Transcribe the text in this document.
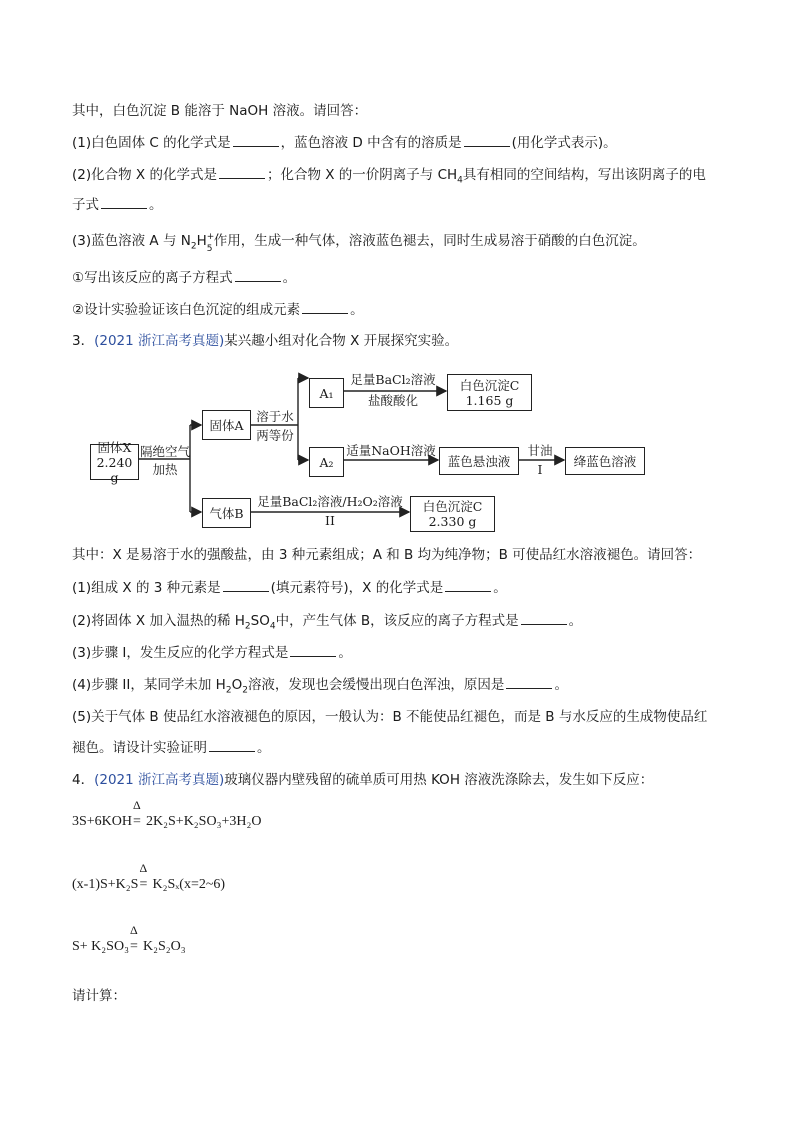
其中，白色沉淀 B 能溶于 NaOH 溶液。请回答：
(1)白色固体 C 的化学式是	，蓝色溶液 D 中含有的溶质是	(用化学式表示)。
(2)化合物 X 的化学式是	；化合物 X 的一价阴离子与 $CH_4$具有相同的空间结构，写出该阴离子的电
子式	。
(3)蓝色溶液 A 与 $N_2H$ +
5 作用，生成一种气体，溶液蓝色褪去，同时生成易溶于硝酸的白色沉淀。
①写出该反应的离子方程式	。
②设计实验验证该白色沉淀的组成元素	。
3．(2021 浙江高考真题)某兴趣小组对化合物 X 开展探究实验。
固体X
2.240 g
隔绝空气
加热
固体A
溶于水
两等份
A₁
足量BaCl₂溶液
盐酸酸化
白色沉淀C
1.165 g
A₂
适量NaOH溶液
蓝色悬浊液
甘油
I
绛蓝色溶液
气体B
足量BaCl₂溶液/H₂O₂溶液
II
白色沉淀C
2.330 g
其中：X 是易溶于水的强酸盐，由 3 种元素组成；A 和 B 均为纯净物；B 可使品红水溶液褪色。请回答：
(1)组成 X 的 3 种元素是	(填元素符号)，X 的化学式是	。
(2)将固体 X 加入温热的稀 $H_2SO_4$中，产生气体 B，该反应的离子方程式是	。
(3)步骤 I，发生反应的化学方程式是	。
(4)步骤 II，某同学未加 $H_2O_2$溶液，发现也会缓慢出现白色浑浊，原因是	。
(5)关于气体 B 使品红水溶液褪色的原因，一般认为：B 不能使品红褪色，而是 B 与水反应的生成物使品红
褪色。请设计实验证明	。
4．(2021 浙江高考真题)玻璃仪器内壁残留的硫单质可用热 KOH 溶液洗涤除去，发生如下反应：
3S+6KOH
Δ
= 2K₂S+K₂SO₃+3H₂O
(x-1)S+K₂S
Δ
= K₂Sₓ(x=2~6)
S+ K₂SO₃
Δ
= K₂S₂O₃
请计算：
